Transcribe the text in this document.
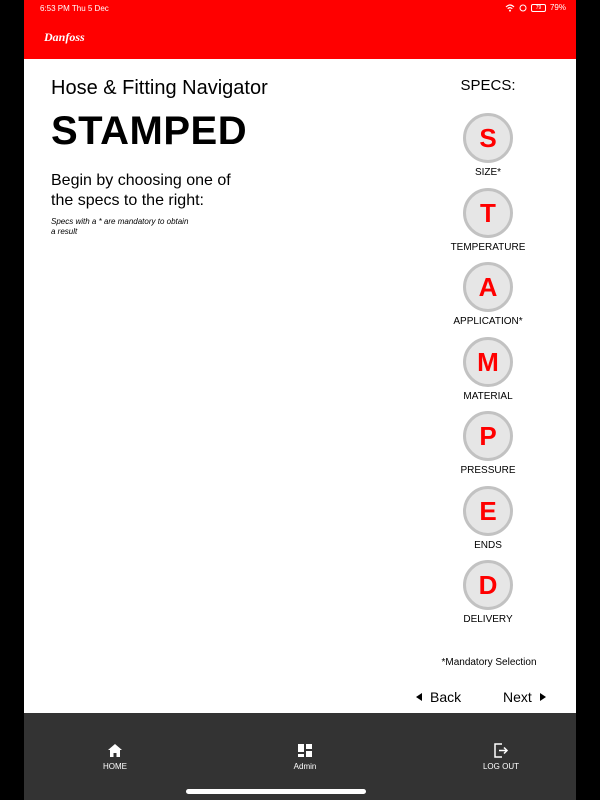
6:53 PM Thu 5 Dec	79	79%
Danfoss
Hose & Fitting Navigator
STAMPED
Begin by choosing one of the specs to the right:
Specs with a * are mandatory to obtain a result
SPECS:
S
SIZE*
T
TEMPERATURE
A
APPLICATION*
M
MATERIAL
P
PRESSURE
E
ENDS
D
DELIVERY
*Mandatory Selection
Back	Next
HOME	Admin	LOG OUT
